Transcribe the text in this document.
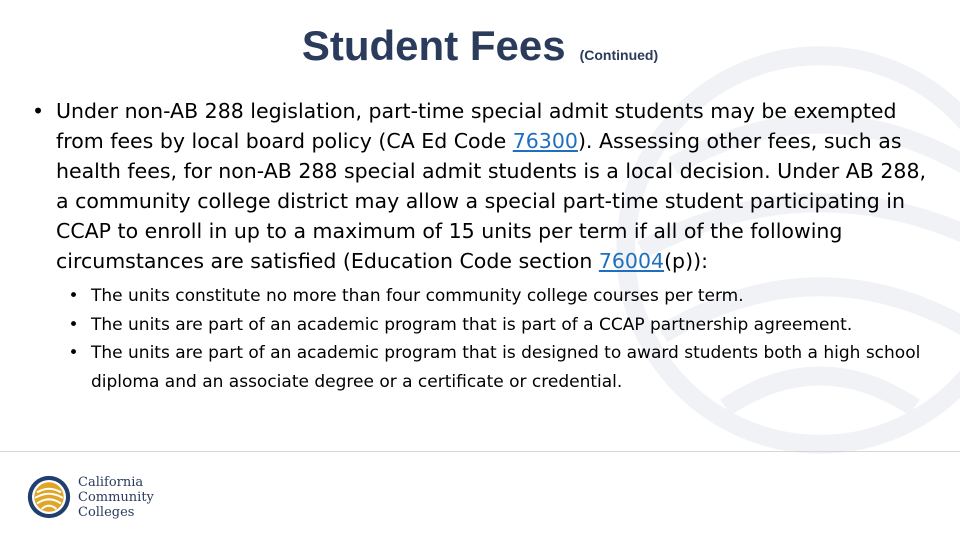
Student Fees (Continued)
• Under non-AB 288 legislation, part-time special admit students may be exempted from fees by local board policy (CA Ed Code 76300). Assessing other fees, such as health fees, for non-AB 288 special admit students is a local decision. Under AB 288, a community college district may allow a special part-time student participating in CCAP to enroll in up to a maximum of 15 units per term if all of the following circumstances are satisfied (Education Code section 76004(p)):
• The units constitute no more than four community college courses per term.
• The units are part of an academic program that is part of a CCAP partnership agreement.
• The units are part of an academic program that is designed to award students both a high school diploma and an associate degree or a certificate or credential.
California
Community
Colleges
